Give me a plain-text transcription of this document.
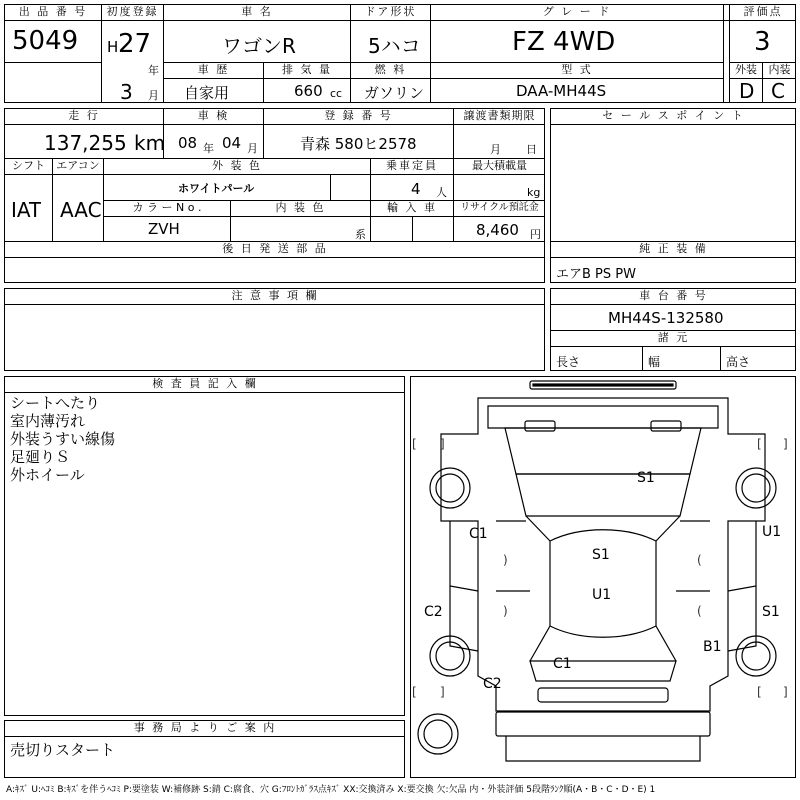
出 品 番 号
5049
初度登録
H 27
年
3 月
車 名
ワゴンR
ドア形状
5ハコ
グ レ ー ド
FZ 4WD
評価点
3
車 歴
自家用
排 気 量
660 cc
燃 料
ガソリン
型 式
DAA-MH44S
外装
D
内装
C
走 行
137,255 km
車 検
08 年 04 月
登 録 番 号
青森 580ヒ2578
譲渡書類期限
月 日
シフト
IAT
エアコン
AAC
外 装 色
ホワイトパール
乗車定員
4 人
最大積載量
kg
カ ラ ー N o .
ZVH
内 装 色
系
輸 入 車	リサイクル預託金
8,460 円
後 日 発 送 部 品
セ ー ル ス ポ イ ン ト
純 正 装 備
エアB PS PW
注 意 事 項 欄	車 台 番 号
MH44S-132580
諸 元
長さ	幅	高さ
検 査 員 記 入 欄
シートへたり
室内薄汚れ
外装うすい線傷
足廻りＳ
外ホイール
事 務 局 よ り ご 案 内
売切りスタート
[ ]	[ ]
[ ]	[ ]
)	(
)	(
S1
C1	U1
S1
U1
C2	S1
B1
C1
C2
A:ｷｽﾞ U:ﾍｺﾐ B:ｷｽﾞを伴うﾍｺﾐ P:要塗装 W:補修跡 S:錆 C:腐食、穴 G:ﾌﾛﾝﾄｶﾞﾗｽ点ｷｽﾞ XX:交換済み X:要交換 欠:欠品 内・外装評価 5段階ﾗﾝｸ順(A・B・C・D・E) 1
